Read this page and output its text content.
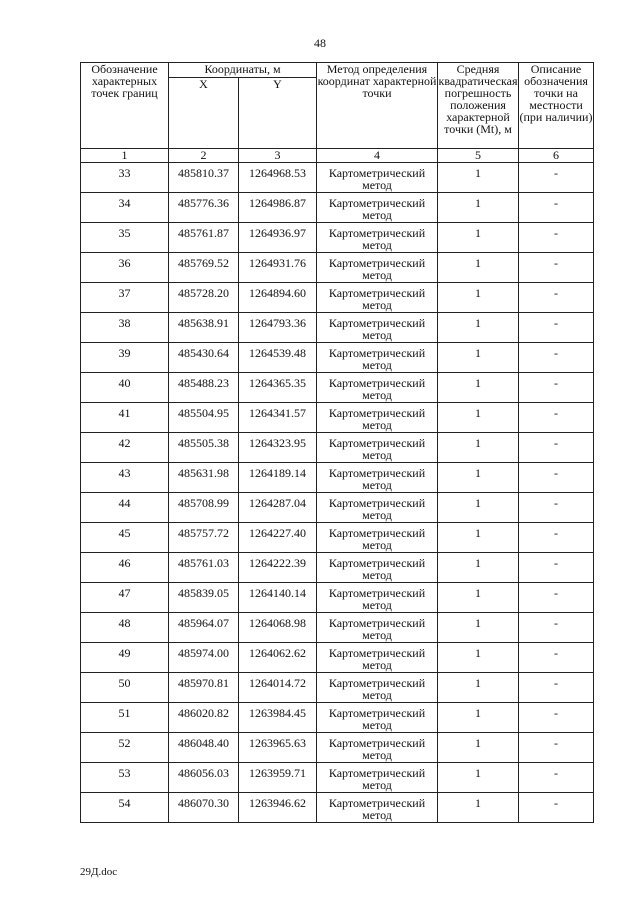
48
Обозначение характерных точек границ	Координаты, м		Метод определения координат характерной точки	Средняя квадратическая погрешность положения характерной точки (Mt), м	Описание обозначения точки на местности (при наличии)
	X	Y			
1	2	3	4	5	6
33	485810.37	1264968.53	Картометрический метод	1	-
34	485776.36	1264986.87	Картометрический метод	1	-
35	485761.87	1264936.97	Картометрический метод	1	-
36	485769.52	1264931.76	Картометрический метод	1	-
37	485728.20	1264894.60	Картометрический метод	1	-
38	485638.91	1264793.36	Картометрический метод	1	-
39	485430.64	1264539.48	Картометрический метод	1	-
40	485488.23	1264365.35	Картометрический метод	1	-
41	485504.95	1264341.57	Картометрический метод	1	-
42	485505.38	1264323.95	Картометрический метод	1	-
43	485631.98	1264189.14	Картометрический метод	1	-
44	485708.99	1264287.04	Картометрический метод	1	-
45	485757.72	1264227.40	Картометрический метод	1	-
46	485761.03	1264222.39	Картометрический метод	1	-
47	485839.05	1264140.14	Картометрический метод	1	-
48	485964.07	1264068.98	Картометрический метод	1	-
49	485974.00	1264062.62	Картометрический метод	1	-
50	485970.81	1264014.72	Картометрический метод	1	-
51	486020.82	1263984.45	Картометрический метод	1	-
52	486048.40	1263965.63	Картометрический метод	1	-
53	486056.03	1263959.71	Картометрический метод	1	-
54	486070.30	1263946.62	Картометрический метод	1	-
29Д.doc
